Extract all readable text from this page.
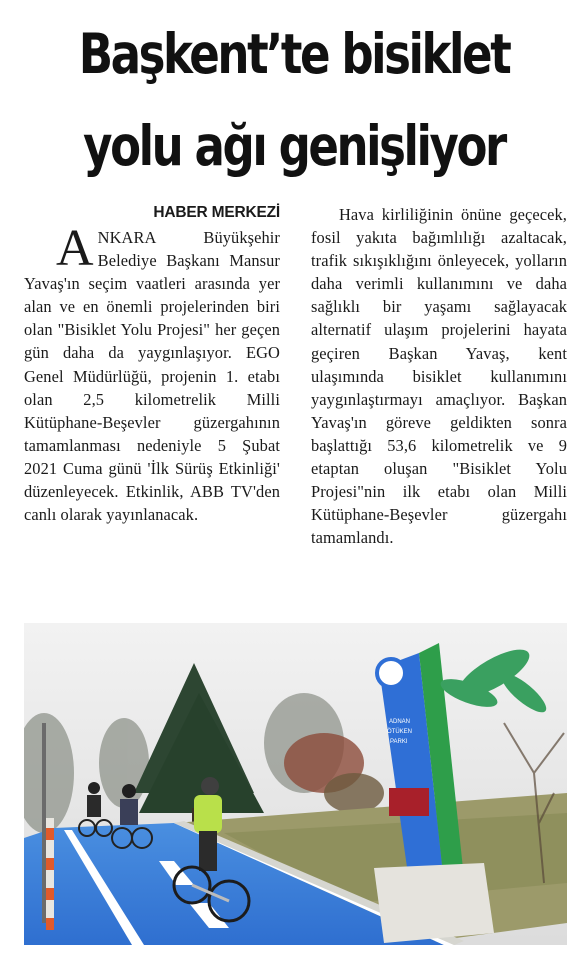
Başkent’te bisiklet
yolu ağı genişliyor
HABER MERKEZİ

ANKARA Büyükşehir Belediye Başkanı Mansur Yavaş'ın seçim vaatleri arasında yer alan ve en önemli projelerinden biri olan "Bisiklet Yolu Projesi" her geçen gün daha da yaygınlaşıyor. EGO Genel Müdürlüğü, projenin 1. etabı olan 2,5 kilometrelik Milli Kütüphane-Beşevler güzergahının tamamlanması nedeniyle 5 Şubat 2021 Cuma günü 'İlk Sürüş Etkinliği' düzenleyecek. Etkinlik, ABB TV'den canlı olarak yayınlanacak.

Hava kirliliğinin önüne geçecek, fosil yakıta bağımlılığı azaltacak, trafik sıkışıklığını önleyecek, yolların daha verimli kullanımını ve daha sağlıklı bir yaşamı sağlayacak alternatif ulaşım projelerini hayata geçiren Başkan Yavaş, kent ulaşımında bisiklet kullanımını yaygınlaştırmayı amaçlıyor. Başkan Yavaş'ın göreve geldikten sonra başlattığı 53,6 kilometrelik ve 9 etaptan oluşan "Bisiklet Yolu Projesi"nin ilk etabı olan Milli Kütüphane-Beşevler güzergahı tamamlandı.

ADNAN
ÖTÜKEN
PARKI
